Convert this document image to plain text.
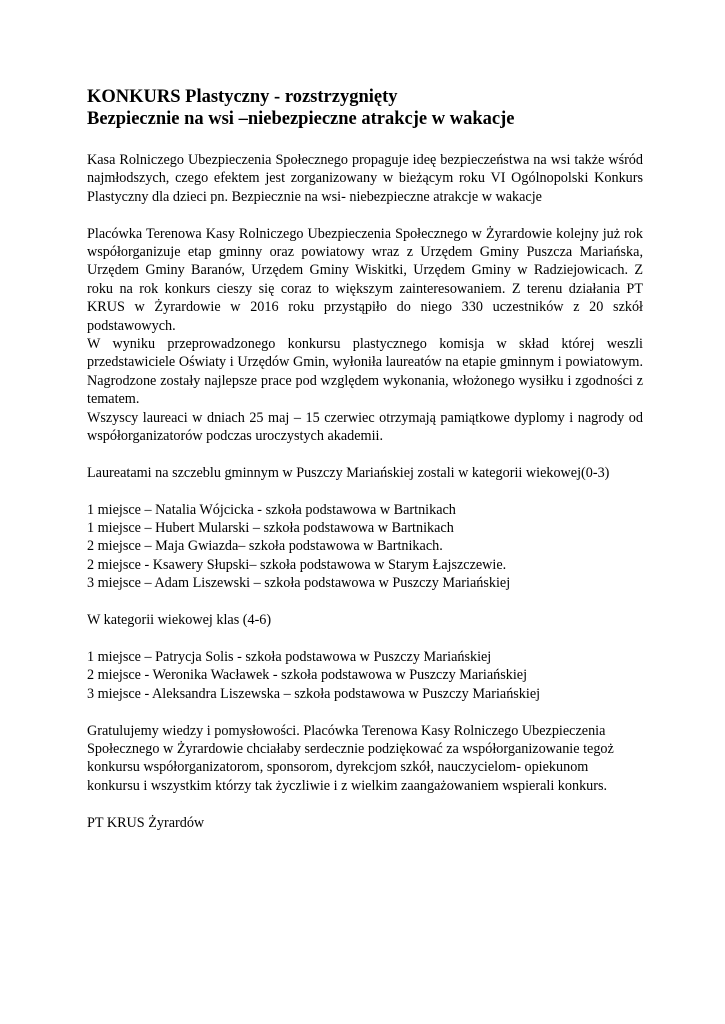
KONKURS Plastyczny - rozstrzygnięty
Bezpiecznie na wsi –niebezpieczne atrakcje w wakacje

Kasa Rolniczego Ubezpieczenia Społecznego propaguje ideę bezpieczeństwa na wsi także wśród najmłodszych, czego efektem jest zorganizowany w bieżącym roku VI Ogólnopolski Konkurs Plastyczny dla dzieci pn. Bezpiecznie na wsi- niebezpieczne atrakcje w wakacje

Placówka Terenowa Kasy Rolniczego Ubezpieczenia Społecznego w Żyrardowie kolejny już rok współorganizuje etap gminny oraz powiatowy wraz z Urzędem Gminy Puszcza Mariańska, Urzędem Gminy Baranów, Urzędem Gminy Wiskitki, Urzędem Gminy w Radziejowicach. Z roku na rok konkurs cieszy się coraz to większym zainteresowaniem. Z terenu działania PT KRUS w Żyrardowie w 2016 roku przystąpiło do niego 330 uczestników z 20 szkół podstawowych.

W wyniku przeprowadzonego konkursu plastycznego komisja w skład której weszli przedstawiciele Oświaty i Urzędów Gmin, wyłoniła laureatów na etapie gminnym i powiatowym. Nagrodzone zostały najlepsze prace pod względem wykonania, włożonego wysiłku i zgodności z tematem.

Wszyscy laureaci w dniach 25 maj – 15 czerwiec otrzymają pamiątkowe dyplomy i nagrody od współorganizatorów podczas uroczystych akademii.

Laureatami na szczeblu gminnym w Puszczy Mariańskiej zostali w kategorii wiekowej(0-3)

1 miejsce – Natalia Wójcicka - szkoła podstawowa w Bartnikach
1 miejsce – Hubert Mularski – szkoła podstawowa w Bartnikach
2 miejsce – Maja Gwiazda– szkoła podstawowa w Bartnikach.
2 miejsce - Ksawery Słupski– szkoła podstawowa w Starym Łajszczewie.
3 miejsce – Adam Liszewski – szkoła podstawowa w Puszczy Mariańskiej

W kategorii wiekowej klas (4-6)

1 miejsce – Patrycja Solis - szkoła podstawowa w Puszczy Mariańskiej
2 miejsce - Weronika Wacławek - szkoła podstawowa w Puszczy Mariańskiej
3 miejsce - Aleksandra Liszewska – szkoła podstawowa w Puszczy Mariańskiej

Gratulujemy wiedzy i pomysłowości. Placówka Terenowa Kasy Rolniczego Ubezpieczenia Społecznego w Żyrardowie chciałaby serdecznie podziękować za współorganizowanie tegoż konkursu współorganizatorom, sponsorom, dyrekcjom szkół, nauczycielom- opiekunom konkursu i wszystkim którzy tak życzliwie i z wielkim zaangażowaniem wspierali konkurs.

PT KRUS Żyrardów
